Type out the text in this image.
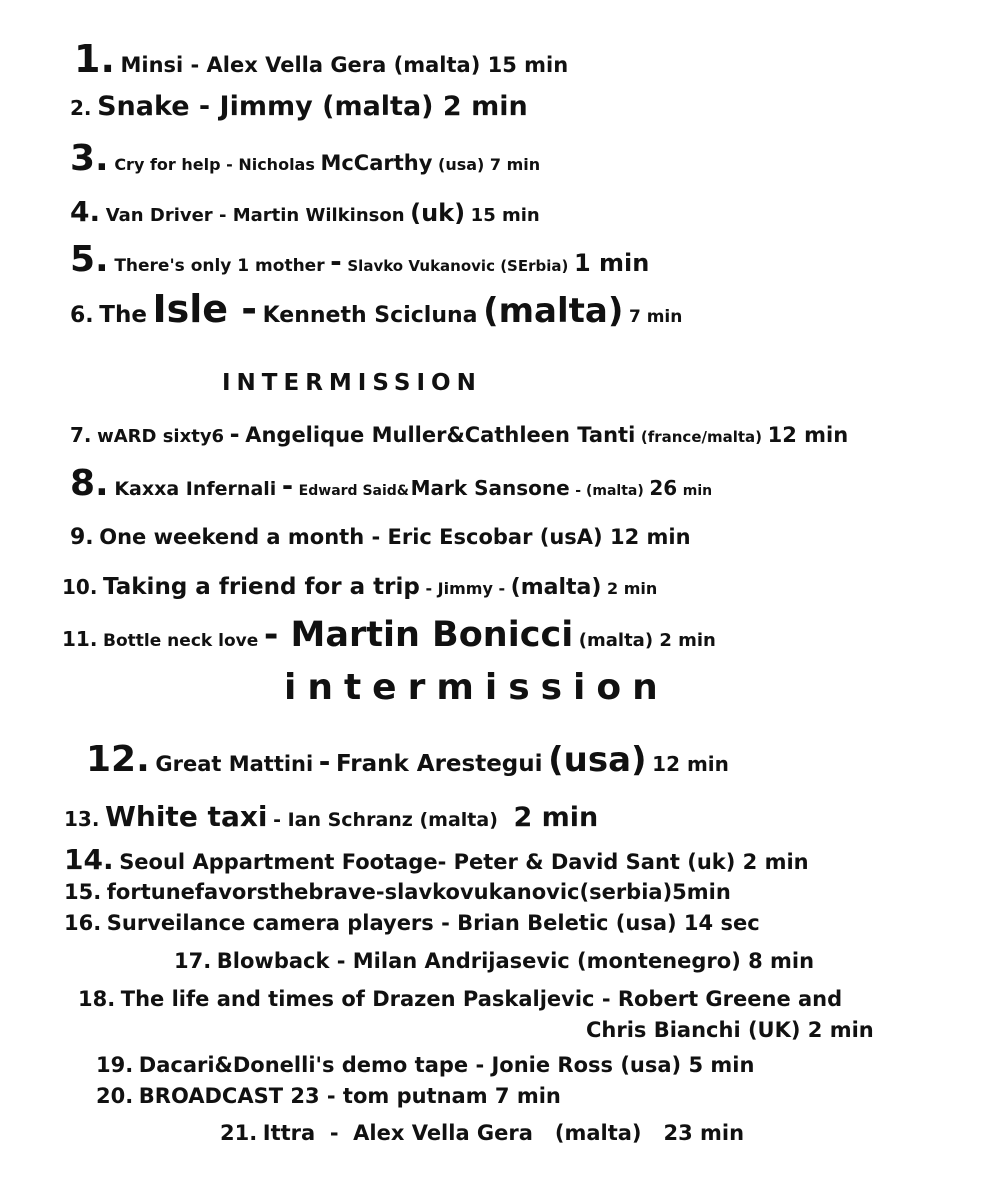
1. Minsi - Alex Vella Gera (malta) 15 min
2. Snake - Jimmy (malta) 2 min
3. Cry for help - Nicholas McCarthy (usa) 7 min
4. Van Driver - Martin Wilkinson (uk) 15 min
5. There's only 1 mother - Slavko Vukanovic (SErbia) 1 min
6. The Isle - Kenneth Scicluna (malta) 7 min
INTERMISSION
7. wARD sixty6 - Angelique Muller&Cathleen Tanti (france/malta) 12 min
8. Kaxxa Infernali - Edward Said& Mark Sansone - (malta) 26 min
9. One weekend a month - Eric Escobar (usA) 12 min
10. Taking a friend for a trip - Jimmy - (malta) 2 min
11. Bottle neck love - Martin Bonicci (malta) 2 min
intermission
12. Great Mattini - Frank Arestegui (usa) 12 min
13. White taxi - Ian Schranz (malta) 2 min
14. Seoul Appartment Footage- Peter & David Sant (uk) 2 min
15. fortunefavorsthebrave-slavkovukanovic(serbia)5min
16. Surveilance camera players - Brian Beletic (usa) 14 sec
17. Blowback - Milan Andrijasevic (montenegro) 8 min
18. The life and times of Drazen Paskaljevic - Robert Greene and
Chris Bianchi (UK) 2 min
19. Dacari&Donelli's demo tape - Jonie Ross (usa) 5 min
20. BROADCAST 23 - tom putnam 7 min
21. Ittra  -  Alex Vella Gera   (malta)   23 min
